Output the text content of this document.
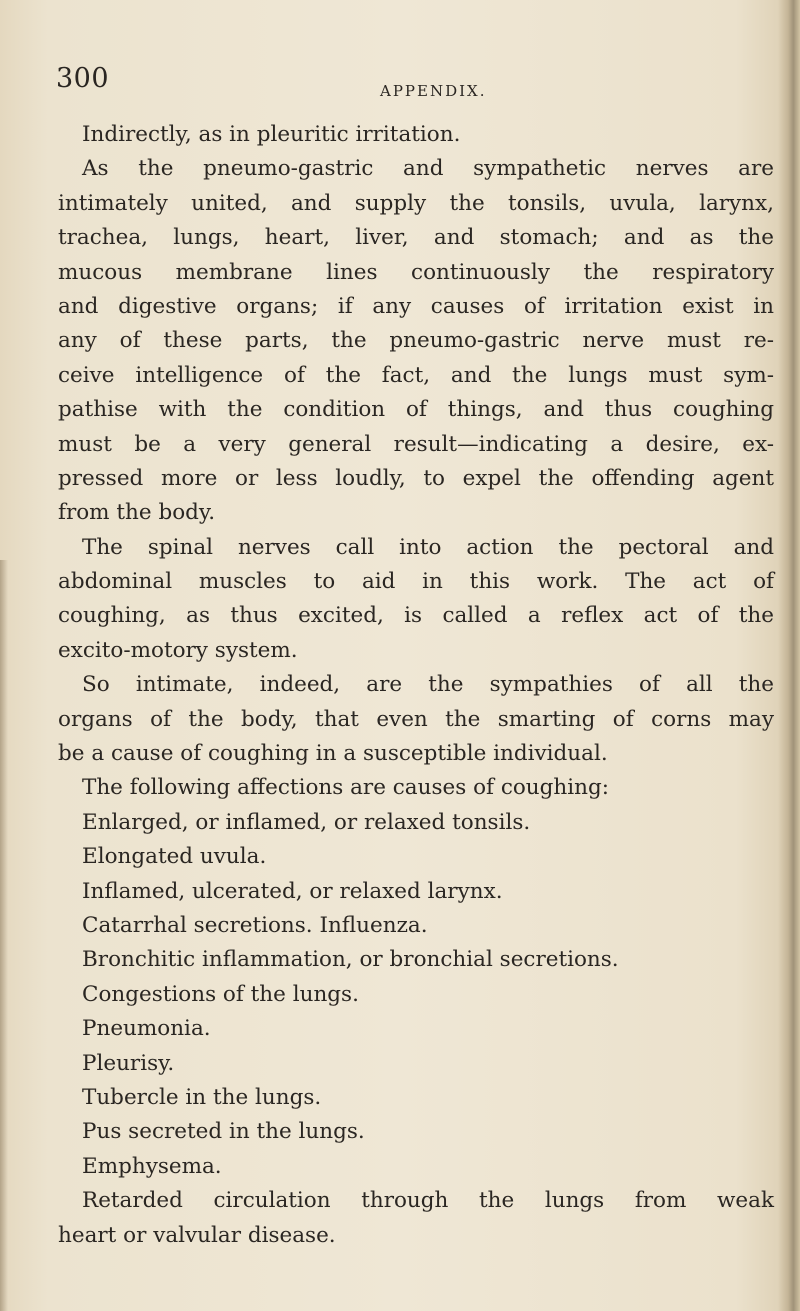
300	APPENDIX.
Indirectly, as in pleuritic irritation.
As the pneumo-gastric and sympathetic nerves are
intimately united, and supply the tonsils, uvula, larynx,
trachea, lungs, heart, liver, and stomach; and as the
mucous membrane lines continuously the respiratory
and digestive organs; if any causes of irritation exist in
any of these parts, the pneumo-gastric nerve must re-
ceive intelligence of the fact, and the lungs must sym-
pathise with the condition of things, and thus coughing
must be a very general result—indicating a desire, ex-
pressed more or less loudly, to expel the offending agent
from the body.
The spinal nerves call into action the pectoral and
abdominal muscles to aid in this work. The act of
coughing, as thus excited, is called a reflex act of the
excito-motory system.
So intimate, indeed, are the sympathies of all the
organs of the body, that even the smarting of corns may
be a cause of coughing in a susceptible individual.
The following affections are causes of coughing:
Enlarged, or inflamed, or relaxed tonsils.
Elongated uvula.
Inflamed, ulcerated, or relaxed larynx.
Catarrhal secretions. Influenza.
Bronchitic inflammation, or bronchial secretions.
Congestions of the lungs.
Pneumonia.
Pleurisy.
Tubercle in the lungs.
Pus secreted in the lungs.
Emphysema.
Retarded circulation through the lungs from weak
heart or valvular disease.
